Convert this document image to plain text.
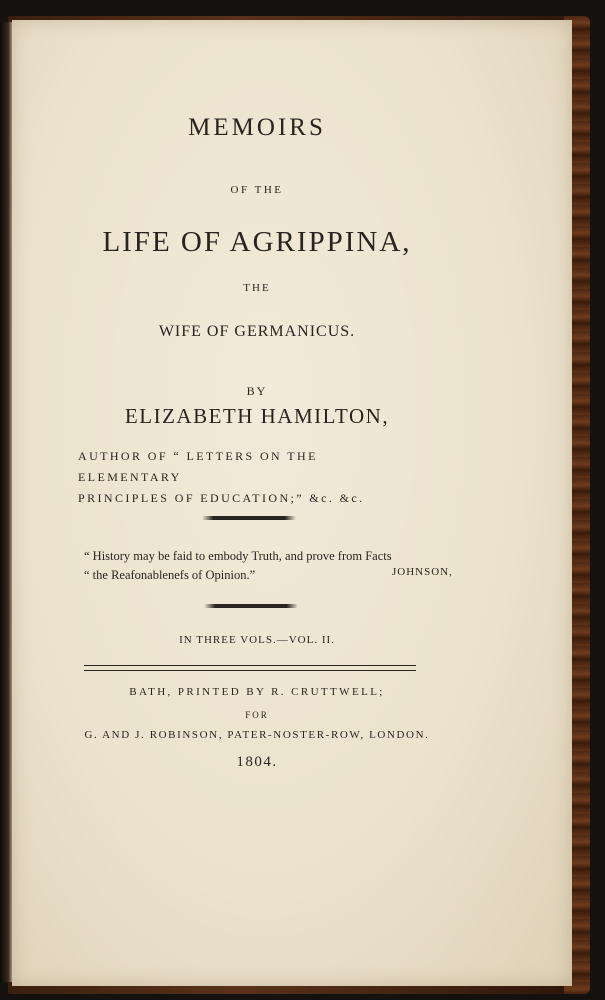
MEMOIRS
OF THE
LIFE OF AGRIPPINA,
THE
WIFE OF GERMANICUS.
BY
ELIZABETH HAMILTON,
AUTHOR OF “ LETTERS ON THE ELEMENTARY
PRINCIPLES OF EDUCATION;” &c. &c.
“ History may be faid to embody Truth, and prove from Facts
“ the Reafonablenefs of Opinion.”	JOHNSON,
IN THREE VOLS.—VOL. II.
BATH, PRINTED BY R. CRUTTWELL;
FOR
G. AND J. ROBINSON, PATER-NOSTER-ROW, LONDON.
1804.
